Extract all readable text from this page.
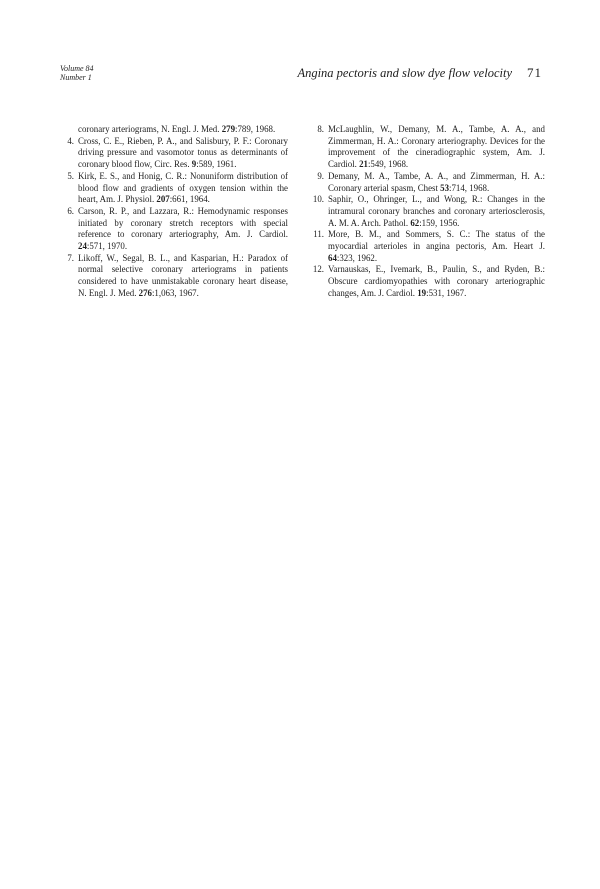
Volume 84
Number 1	Angina pectoris and slow dye flow velocity 71
coronary arteriograms, N. Engl. J. Med. 279:789, 1968.
4. Cross, C. E., Rieben, P. A., and Salisbury, P. F.: Coronary driving pressure and vasomotor tonus as determinants of coronary blood flow, Circ. Res. 9:589, 1961.
5. Kirk, E. S., and Honig, C. R.: Nonuniform distribution of blood flow and gradients of oxygen tension within the heart, Am. J. Physiol. 207:661, 1964.
6. Carson, R. P., and Lazzara, R.: Hemodynamic responses initiated by coronary stretch receptors with special reference to coronary arteriography, Am. J. Cardiol. 24:571, 1970.
7. Likoff, W., Segal, B. L., and Kasparian, H.: Paradox of normal selective coronary arteriograms in patients considered to have unmistakable coronary heart disease, N. Engl. J. Med. 276:1,063, 1967.
8. McLaughlin, W., Demany, M. A., Tambe, A. A., and Zimmerman, H. A.: Coronary arteriography. Devices for the improvement of the cineradiographic system, Am. J. Cardiol. 21:549, 1968.
9. Demany, M. A., Tambe, A. A., and Zimmerman, H. A.: Coronary arterial spasm, Chest 53:714, 1968.
10. Saphir, O., Ohringer, L., and Wong, R.: Changes in the intramural coronary branches and coronary arteriosclerosis, A. M. A. Arch. Pathol. 62:159, 1956.
11. More, B. M., and Sommers, S. C.: The status of the myocardial arterioles in angina pectoris, Am. Heart J. 64:323, 1962.
12. Varnauskas, E., Ivemark, B., Paulin, S., and Ryden, B.: Obscure cardiomyopathies with coronary arteriographic changes, Am. J. Cardiol. 19:531, 1967.
